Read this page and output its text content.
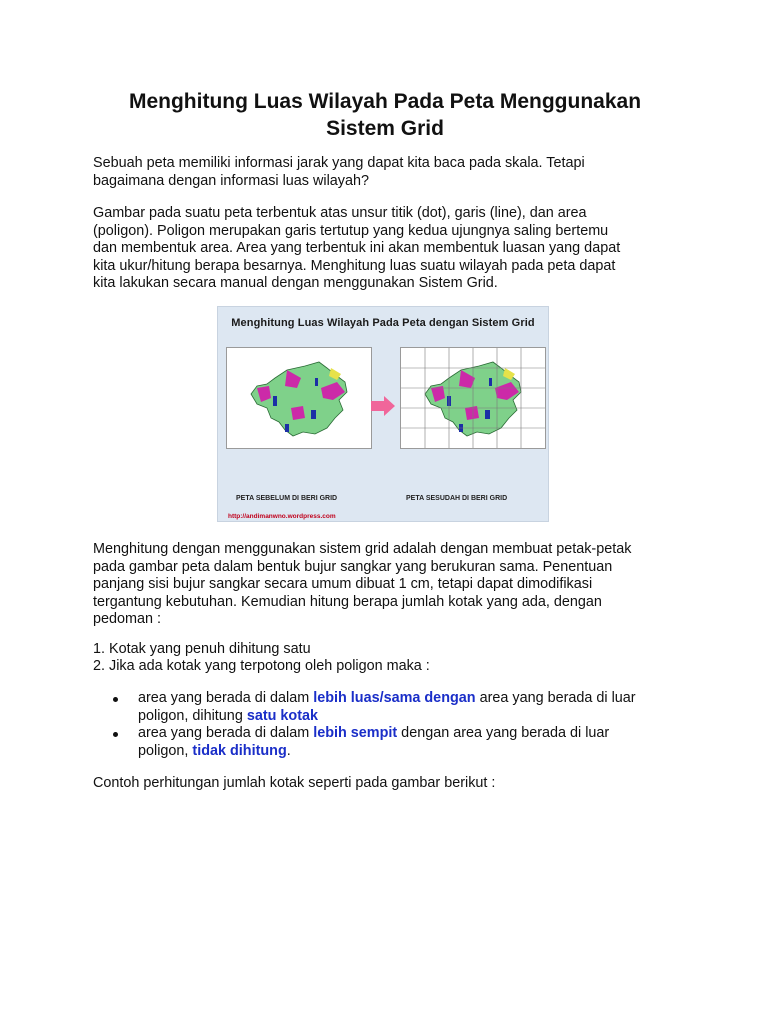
Menghitung Luas Wilayah Pada Peta Menggunakan
Sistem Grid

Sebuah peta memiliki informasi jarak yang dapat kita baca pada skala. Tetapi
bagaimana dengan informasi luas wilayah?

Gambar pada suatu peta terbentuk atas unsur titik (dot), garis (line), dan area
(poligon). Poligon merupakan garis tertutup yang kedua ujungnya saling bertemu
dan membentuk area. Area yang terbentuk ini akan membentuk luasan yang dapat
kita ukur/hitung berapa besarnya. Menghitung luas suatu wilayah pada peta dapat
kita lakukan secara manual dengan menggunakan Sistem Grid.

Menghitung Luas Wilayah Pada Peta dengan Sistem Grid
PETA SEBELUM DI BERI GRID	PETA SESUDAH DI BERI GRID
http://andimanwno.wordpress.com

Menghitung dengan menggunakan sistem grid adalah dengan membuat petak-petak
pada gambar peta dalam bentuk bujur sangkar yang berukuran sama. Penentuan
panjang sisi bujur sangkar secara umum dibuat 1 cm, tetapi dapat dimodifikasi
tergantung kebutuhan. Kemudian hitung berapa jumlah kotak yang ada, dengan
pedoman :

1. Kotak yang penuh dihitung satu

2. Jika ada kotak yang terpotong oleh poligon maka :

area yang berada di dalam lebih luas/sama dengan area yang berada di luar
poligon, dihitung satu kotak
area yang berada di dalam lebih sempit dengan area yang berada di luar
poligon, tidak dihitung.

Contoh perhitungan jumlah kotak seperti pada gambar berikut :
